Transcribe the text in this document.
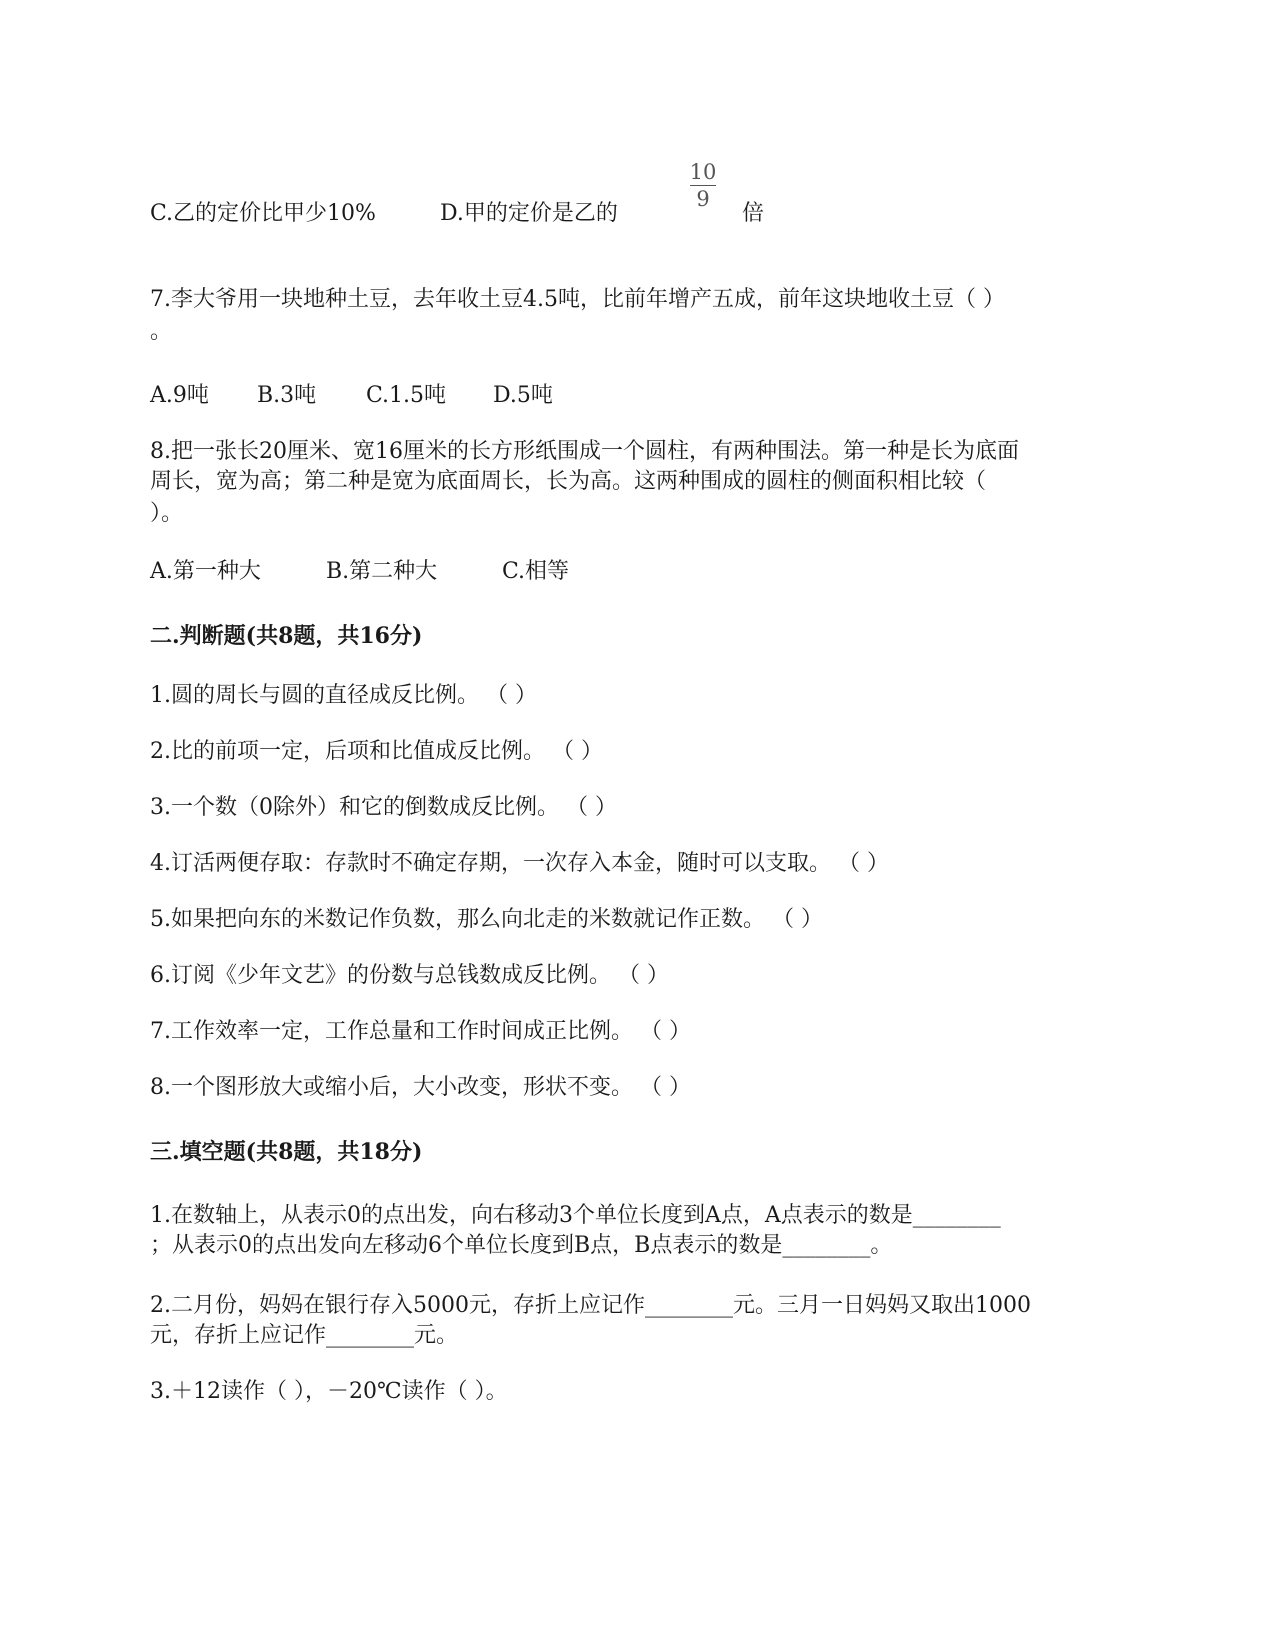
C.乙的定价比甲少10%	D.甲的定价是乙的
10
9
倍
7.李大爷用一块地种土豆，去年收土豆4.5吨，比前年增产五成，前年这块地收土豆（ ）
。
A.9吨 B.3吨 C.1.5吨 D.5吨
8.把一张长20厘米、宽16厘米的长方形纸围成一个圆柱，有两种围法。第一种是长为底面
周长，宽为高；第二种是宽为底面周长，长为高。这两种围成的圆柱的侧面积相比较（
）。
A.第一种大	B.第二种大	C.相等
二.判断题(共8题，共16分)
1.圆的周长与圆的直径成反比例。 （ ）
2.比的前项一定，后项和比值成反比例。 （ ）
3.一个数（0除外）和它的倒数成反比例。 （ ）
4.订活两便存取：存款时不确定存期，一次存入本金，随时可以支取。 （ ）
5.如果把向东的米数记作负数，那么向北走的米数就记作正数。 （ ）
6.订阅《少年文艺》的份数与总钱数成反比例。 （ ）
7.工作效率一定，工作总量和工作时间成正比例。 （ ）
8.一个图形放大或缩小后，大小改变，形状不变。 （ ）
三.填空题(共8题，共18分)
1.在数轴上，从表示0的点出发，向右移动3个单位长度到A点，A点表示的数是________
；从表示0的点出发向左移动6个单位长度到B点，B点表示的数是________。
2.二月份，妈妈在银行存入5000元，存折上应记作________元。三月一日妈妈又取出1000
元，存折上应记作________元。
3.＋12读作（ ），－20℃读作（ ）。
